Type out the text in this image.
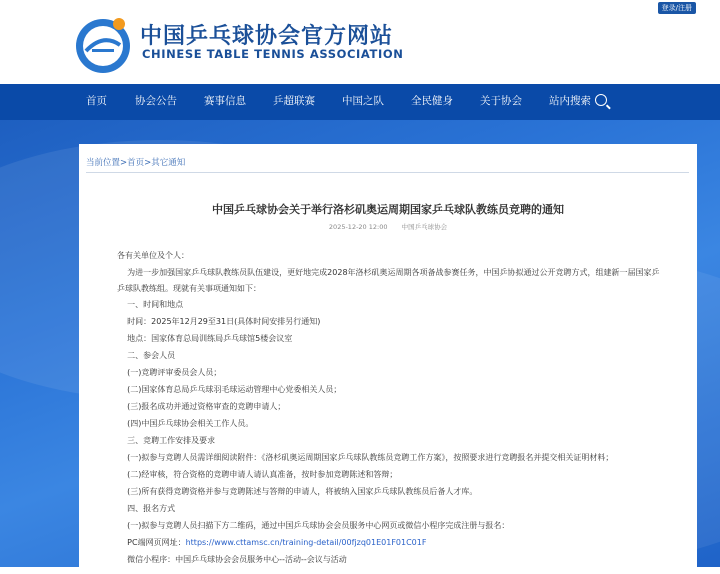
中国乒乓球协会官方网站
CHINESE TABLE TENNIS ASSOCIATION
登录/注册
首页	协会公告	赛事信息	乒超联赛	中国之队	全民健身	关于协会	站内搜索
当前位置>首页>其它通知
中国乒乓球协会关于举行洛杉矶奥运周期国家乒乓球队教练员竞聘的通知
2025-12-20 12:00 中国乒乓球协会
各有关单位及个人：
为进一步加强国家乒乓球队教练员队伍建设，更好地完成2028年洛杉矶奥运周期各项备战参赛任务，中国乒协拟通过公开竞聘方式，组建新一届国家乒
乒球队教练组。现就有关事项通知如下：
一、时间和地点
时间：2025年12月29至31日(具体时间安排另行通知)
地点：国家体育总局训练局乒乓球馆5楼会议室
二、参会人员
(一)竞聘评审委员会人员；
(二)国家体育总局乒乓球羽毛球运动管理中心党委相关人员；
(三)报名成功并通过资格审查的竞聘申请人；
(四)中国乒乓球协会相关工作人员。
三、竞聘工作安排及要求
(一)拟参与竞聘人员需详细阅读附件：《洛杉矶奥运周期国家乒乓球队教练员竞聘工作方案》，按照要求进行竞聘报名并提交相关证明材料；
(二)经审核，符合资格的竞聘申请人请认真准备，按时参加竞聘陈述和答辩；
(三)所有获得竞聘资格并参与竞聘陈述与答辩的申请人，将被纳入国家乒乓球队教练员后备人才库。
四、报名方式
(一)拟参与竞聘人员扫描下方二维码，通过中国乒乓球协会会员服务中心网页或微信小程序完成注册与报名：
PC端网页网址：https://www.cttamsc.cn/training-detail/00fjzq01E01F01C01F
微信小程序：中国乒乓球协会会员服务中心--活动--会议与活动
